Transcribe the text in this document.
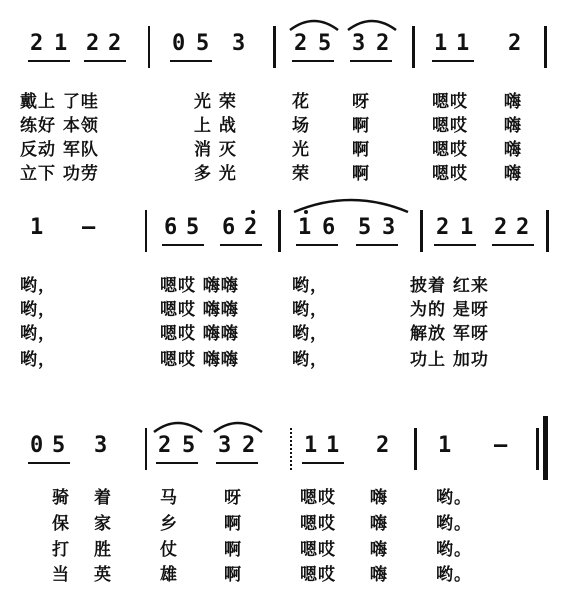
2 1 2 2 0 5 3 2 5 3 2 1 1 2
戴上 了哇	光 荣	花 呀	嗯哎 嗨
练好 本领	上 战	场 啊	嗯哎 嗨
反动 军队	消 灭	光 啊	嗯哎 嗨
立下 功劳	多 光	荣 啊	嗯哎 嗨
1 —	6 5 6 2 1 6 5 3 2 1 2 2
哟，	嗯哎 嗨嗨	哟，	披着 红来
哟，	嗯哎 嗨嗨	哟，	为的 是呀
哟，	嗯哎 嗨嗨	哟，	解放 军呀
哟，	嗯哎 嗨嗨	哟，	功上 加功
0 5 3 2 5 3 2 1 1 2 1 —
骑 着	马	呀	嗯哎 嗨	哟。
保 家	乡	啊	嗯哎 嗨	哟。
打 胜	仗	啊	嗯哎 嗨	哟。
当 英	雄	啊	嗯哎 嗨	哟。
